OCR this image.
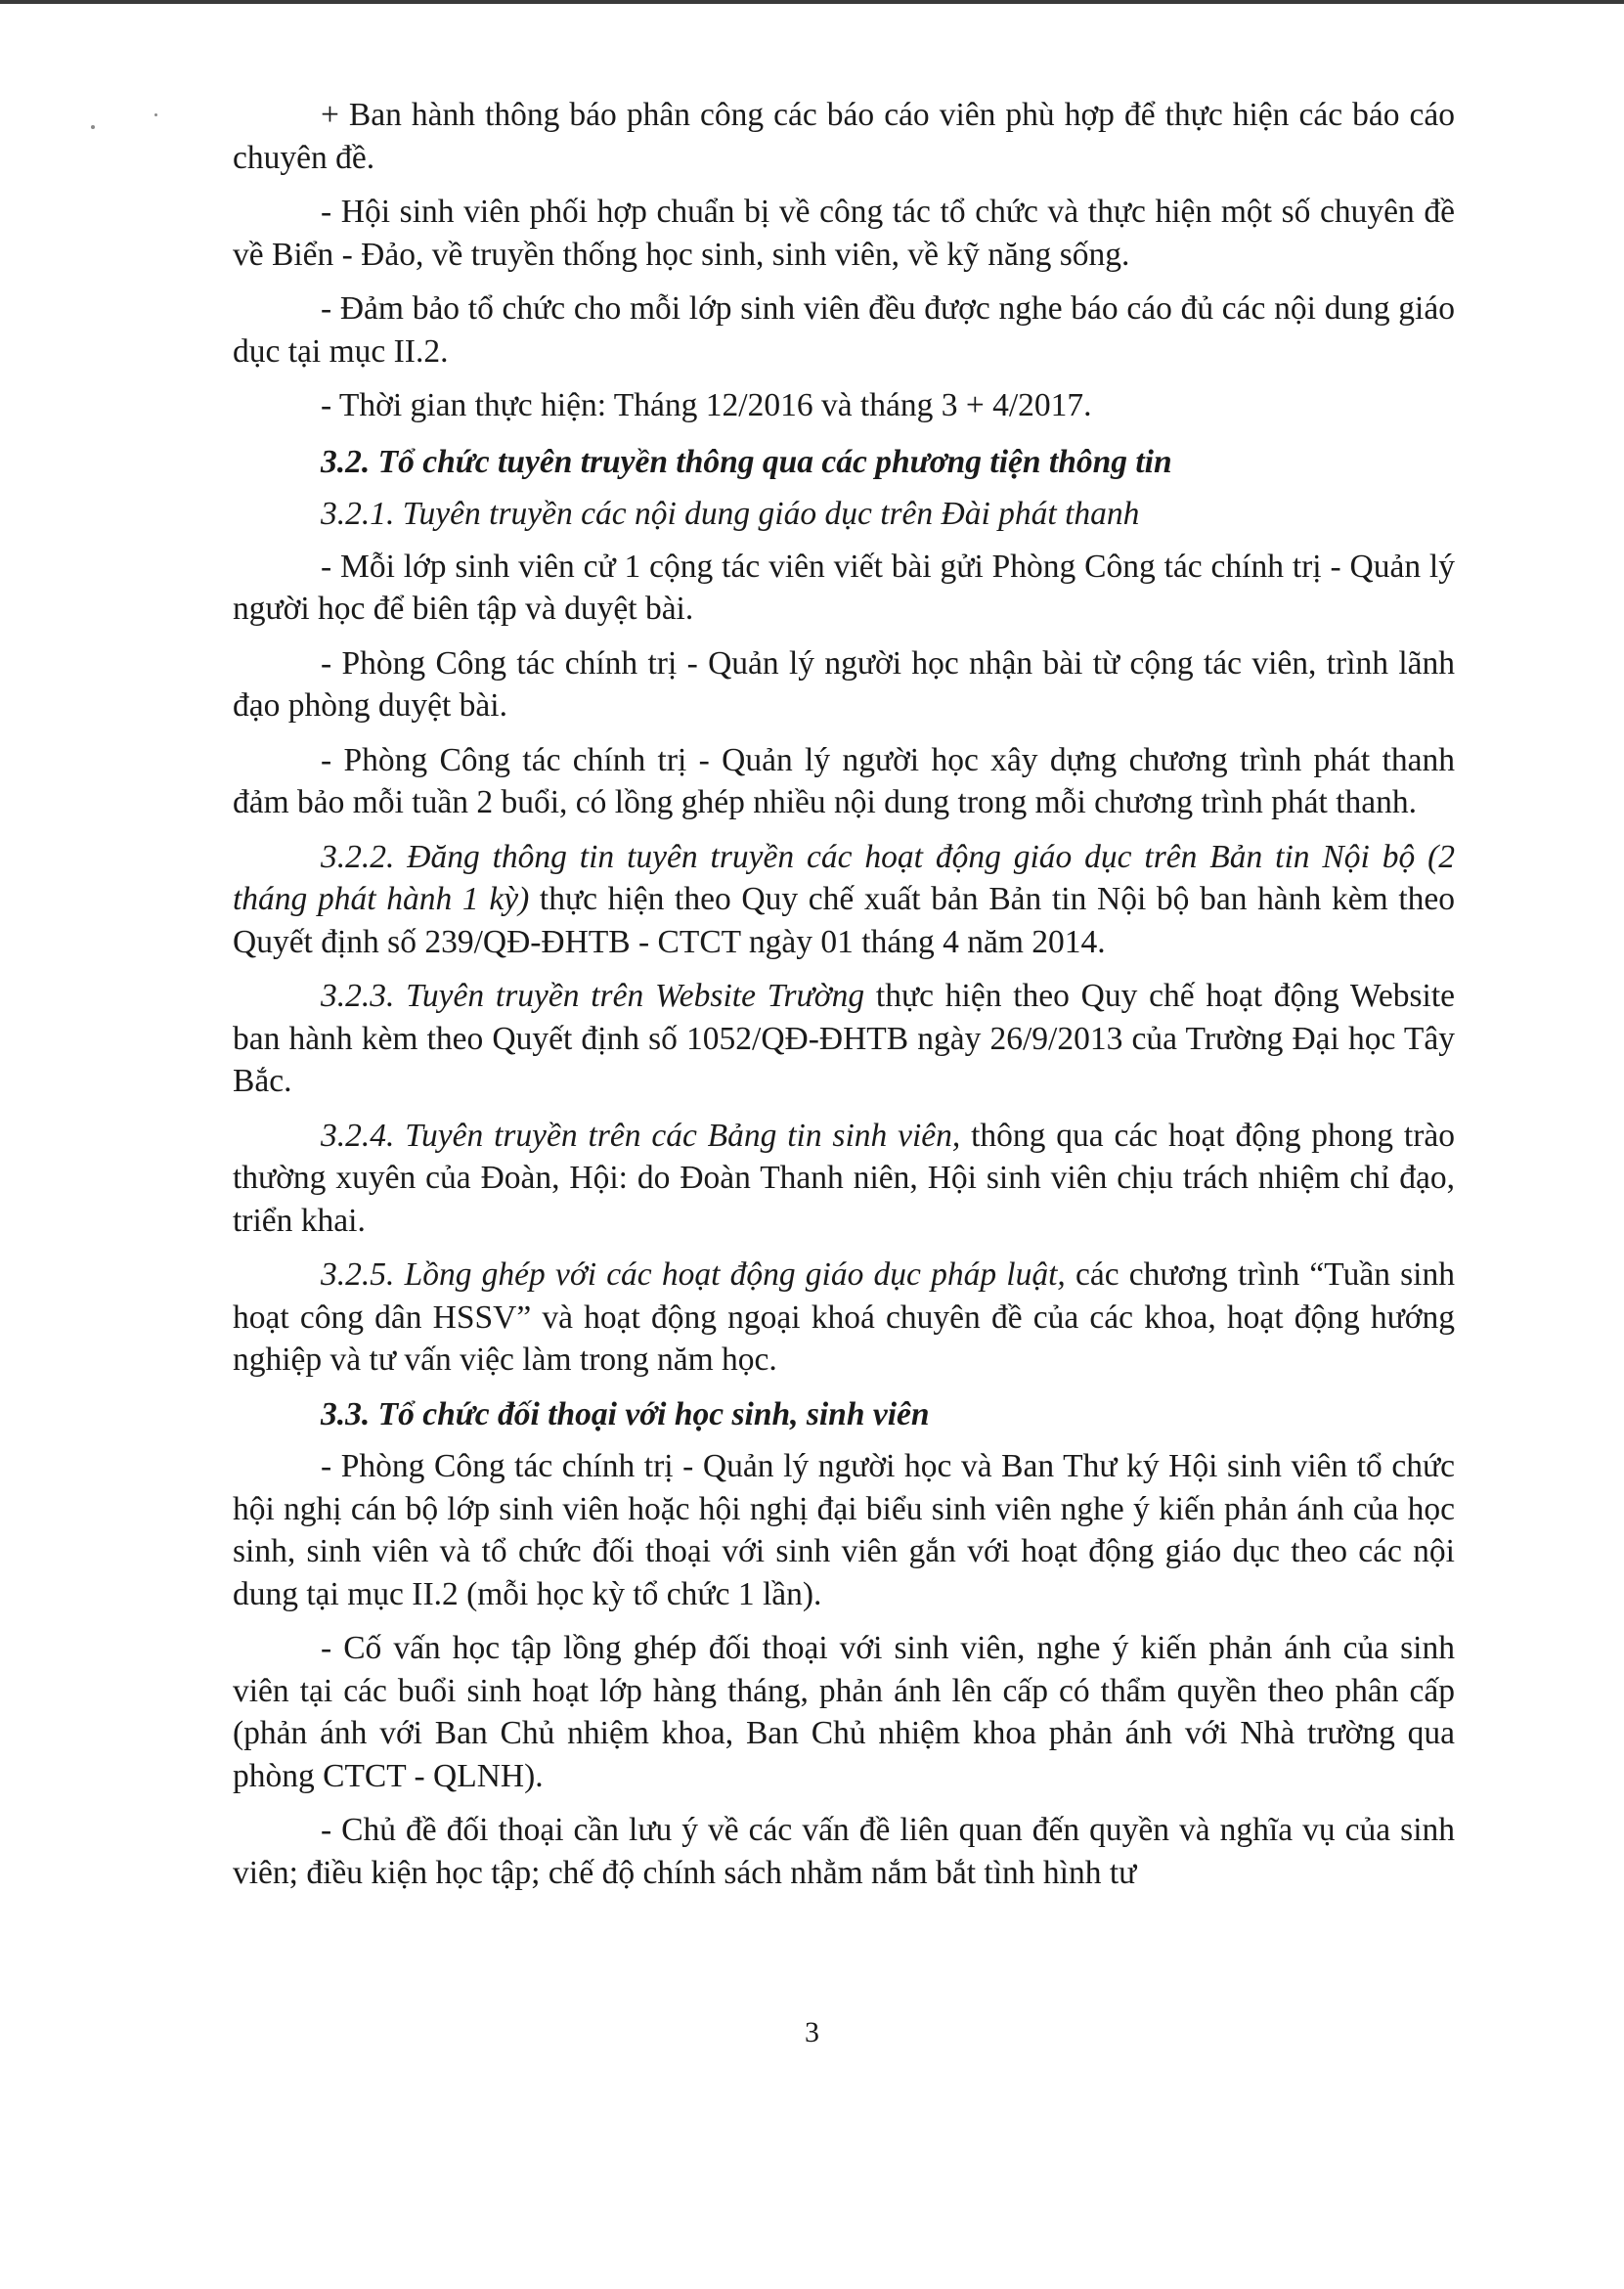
+ Ban hành thông báo phân công các báo cáo viên phù hợp để thực hiện các báo cáo chuyên đề.

- Hội sinh viên phối hợp chuẩn bị về công tác tổ chức và thực hiện một số chuyên đề về Biển - Đảo, về truyền thống học sinh, sinh viên, về kỹ năng sống.

- Đảm bảo tổ chức cho mỗi lớp sinh viên đều được nghe báo cáo đủ các nội dung giáo dục tại mục II.2.

- Thời gian thực hiện: Tháng 12/2016 và tháng 3 + 4/2017.

3.2. Tổ chức tuyên truyền thông qua các phương tiện thông tin

3.2.1. Tuyên truyền các nội dung giáo dục trên Đài phát thanh

- Mỗi lớp sinh viên cử 1 cộng tác viên viết bài gửi Phòng Công tác chính trị - Quản lý người học để biên tập và duyệt bài.

- Phòng Công tác chính trị - Quản lý người học nhận bài từ cộng tác viên, trình lãnh đạo phòng duyệt bài.

- Phòng Công tác chính trị - Quản lý người học xây dựng chương trình phát thanh đảm bảo mỗi tuần 2 buổi, có lồng ghép nhiều nội dung trong mỗi chương trình phát thanh.

3.2.2. Đăng thông tin tuyên truyền các hoạt động giáo dục trên Bản tin Nội bộ (2 tháng phát hành 1 kỳ) thực hiện theo Quy chế xuất bản Bản tin Nội bộ ban hành kèm theo Quyết định số 239/QĐ-ĐHTB - CTCT ngày 01 tháng 4 năm 2014.

3.2.3. Tuyên truyền trên Website Trường thực hiện theo Quy chế hoạt động Website ban hành kèm theo Quyết định số 1052/QĐ-ĐHTB ngày 26/9/2013 của Trường Đại học Tây Bắc.

3.2.4. Tuyên truyền trên các Bảng tin sinh viên, thông qua các hoạt động phong trào thường xuyên của Đoàn, Hội: do Đoàn Thanh niên, Hội sinh viên chịu trách nhiệm chỉ đạo, triển khai.

3.2.5. Lồng ghép với các hoạt động giáo dục pháp luật, các chương trình “Tuần sinh hoạt công dân HSSV” và hoạt động ngoại khoá chuyên đề của các khoa, hoạt động hướng nghiệp và tư vấn việc làm trong năm học.

3.3. Tổ chức đối thoại với học sinh, sinh viên

- Phòng Công tác chính trị - Quản lý người học và Ban Thư ký Hội sinh viên tổ chức hội nghị cán bộ lớp sinh viên hoặc hội nghị đại biểu sinh viên nghe ý kiến phản ánh của học sinh, sinh viên và tổ chức đối thoại với sinh viên gắn với hoạt động giáo dục theo các nội dung tại mục II.2 (mỗi học kỳ tổ chức 1 lần).

- Cố vấn học tập lồng ghép đối thoại với sinh viên, nghe ý kiến phản ánh của sinh viên tại các buổi sinh hoạt lớp hàng tháng, phản ánh lên cấp có thẩm quyền theo phân cấp (phản ánh với Ban Chủ nhiệm khoa, Ban Chủ nhiệm khoa phản ánh với Nhà trường qua phòng CTCT - QLNH).

- Chủ đề đối thoại cần lưu ý về các vấn đề liên quan đến quyền và nghĩa vụ của sinh viên; điều kiện học tập; chế độ chính sách nhằm nắm bắt tình hình tư

3
